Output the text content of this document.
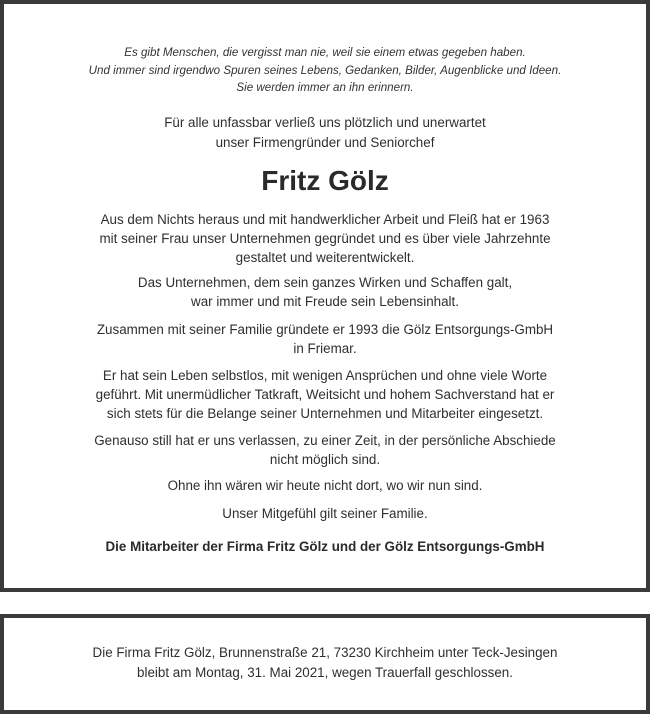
Es gibt Menschen, die vergisst man nie, weil sie einem etwas gegeben haben.
Und immer sind irgendwo Spuren seines Lebens, Gedanken, Bilder, Augenblicke und Ideen.
Sie werden immer an ihn erinnern.
Für alle unfassbar verließ uns plötzlich und unerwartet
unser Firmengründer und Seniorchef
Fritz Gölz
Aus dem Nichts heraus und mit handwerklicher Arbeit und Fleiß hat er 1963
mit seiner Frau unser Unternehmen gegründet und es über viele Jahrzehnte
gestaltet und weiterentwickelt.
Das Unternehmen, dem sein ganzes Wirken und Schaffen galt,
war immer und mit Freude sein Lebensinhalt.
Zusammen mit seiner Familie gründete er 1993 die Gölz Entsorgungs-GmbH
in Friemar.
Er hat sein Leben selbstlos, mit wenigen Ansprüchen und ohne viele Worte
geführt. Mit unermüdlicher Tatkraft, Weitsicht und hohem Sachverstand hat er
sich stets für die Belange seiner Unternehmen und Mitarbeiter eingesetzt.
Genauso still hat er uns verlassen, zu einer Zeit, in der persönliche Abschiede
nicht möglich sind.
Ohne ihn wären wir heute nicht dort, wo wir nun sind.
Unser Mitgefühl gilt seiner Familie.
Die Mitarbeiter der Firma Fritz Gölz und der Gölz Entsorgungs-GmbH
Die Firma Fritz Gölz, Brunnenstraße 21, 73230 Kirchheim unter Teck-Jesingen
bleibt am Montag, 31. Mai 2021, wegen Trauerfall geschlossen.
